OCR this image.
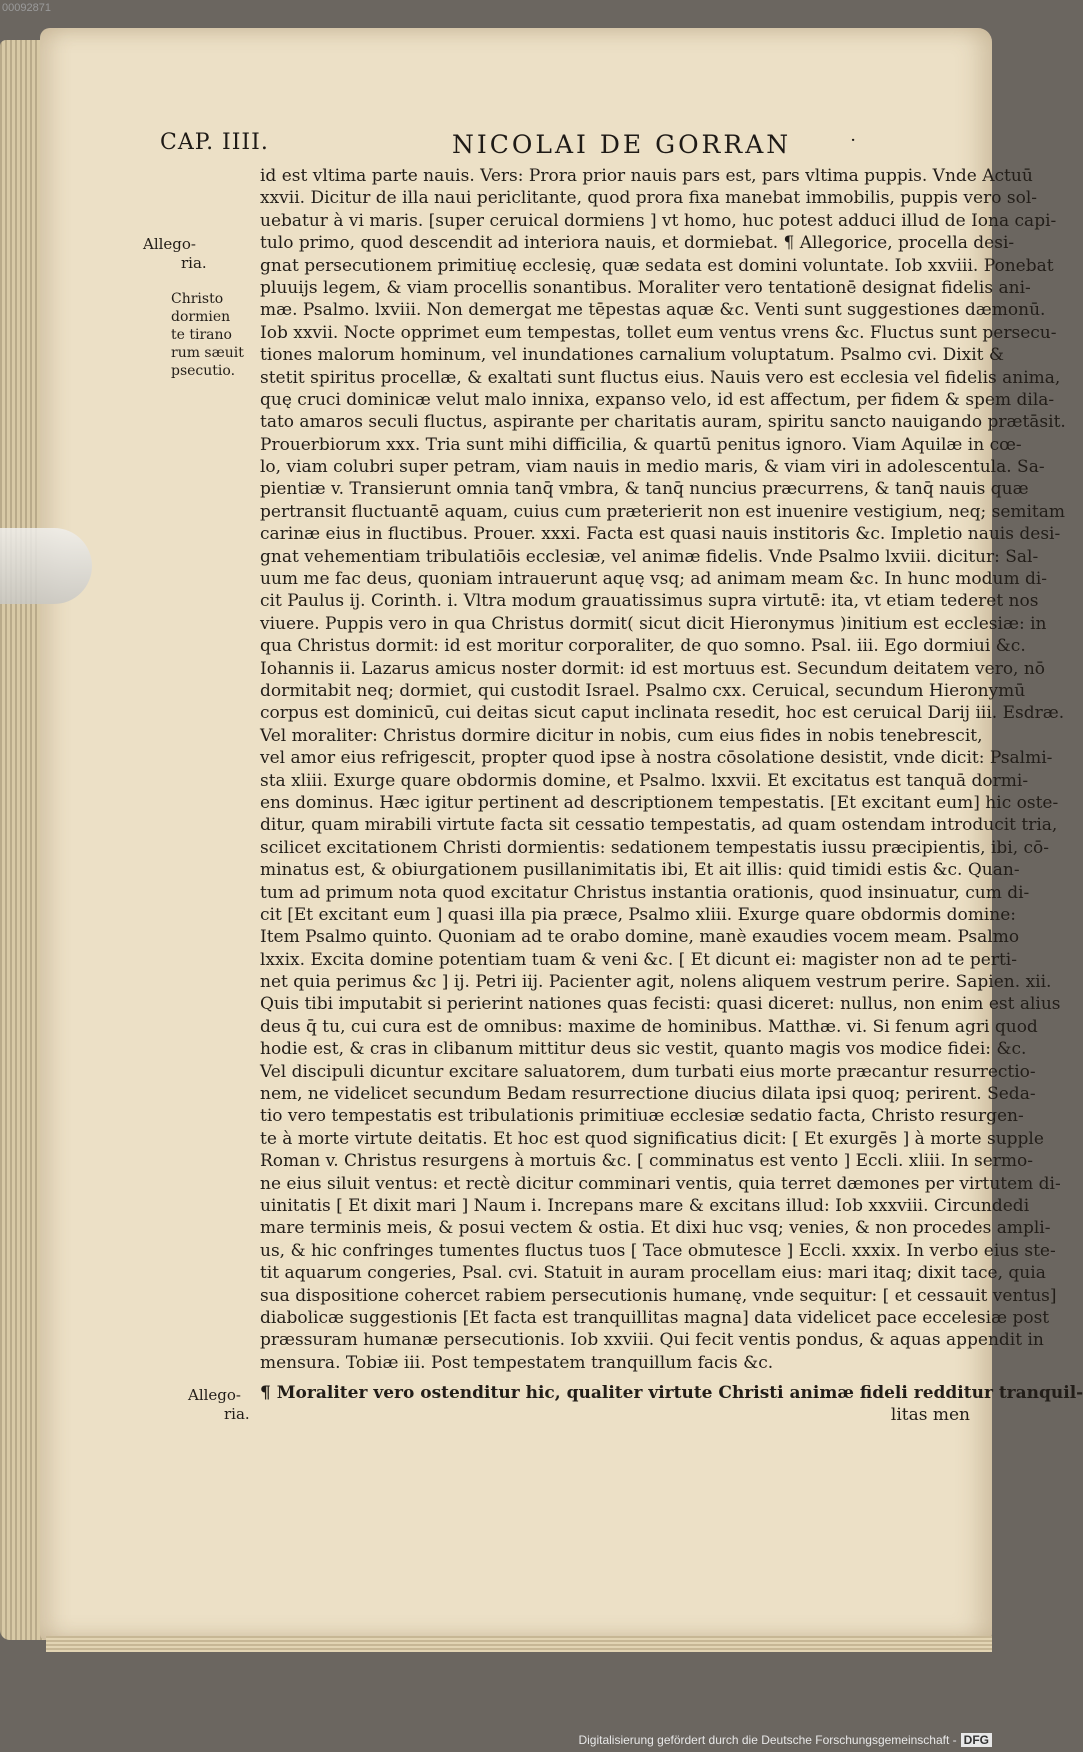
00092871
CAP. IIII.	NICOLAI DE GORRAN	·
Allego-
ria.
Christo
dormien
te tirano
rum sæuit
psecutio.
Allego-
ria.
id est vltima parte nauis. Vers: Prora prior nauis pars est, pars vltima puppis. Vnde Actuū
xxvii. Dicitur de illa naui periclitante, quod prora fixa manebat immobilis, puppis vero sol-
uebatur à vi maris. [super ceruical dormiens ] vt homo, huc potest adduci illud de Iona capi-
tulo primo, quod descendit ad interiora nauis, et dormiebat. ¶ Allegorice, procella desi-
gnat persecutionem primitiuę ecclesię, quæ sedata est domini voluntate. Iob xxviii. Ponebat
pluuijs legem, & viam procellis sonantibus. Moraliter vero tentationē designat fidelis ani-
mæ. Psalmo. lxviii. Non demergat me tēpestas aquæ &c. Venti sunt suggestiones dæmonū.
Iob xxvii. Nocte opprimet eum tempestas, tollet eum ventus vrens &c. Fluctus sunt persecu-
tiones malorum hominum, vel inundationes carnalium voluptatum. Psalmo cvi. Dixit &
stetit spiritus procellæ, & exaltati sunt fluctus eius. Nauis vero est ecclesia vel fidelis anima,
quę cruci dominicæ velut malo innixa, expanso velo, id est affectum, per fidem & spem dila-
tato amaros seculi fluctus, aspirante per charitatis auram, spiritu sancto nauigando prætāsit.
Prouerbiorum xxx. Tria sunt mihi difficilia, & quartū penitus ignoro. Viam Aquilæ in cœ-
lo, viam colubri super petram, viam nauis in medio maris, & viam viri in adolescentula. Sa-
pientiæ v. Transierunt omnia tanq̄ vmbra, & tanq̄ nuncius præcurrens, & tanq̄ nauis quæ
pertransit fluctuantē aquam, cuius cum præterierit non est inuenire vestigium, neq; semitam
carinæ eius in fluctibus. Prouer. xxxi. Facta est quasi nauis institoris &c. Impletio nauis desi-
gnat vehementiam tribulatiōis ecclesiæ, vel animæ fidelis. Vnde Psalmo lxviii. dicitur: Sal-
uum me fac deus, quoniam intrauerunt aquę vsq; ad animam meam &c. In hunc modum di-
cit Paulus ij. Corinth. i. Vltra modum grauatissimus supra virtutē: ita, vt etiam tederet nos
viuere. Puppis vero in qua Christus dormit( sicut dicit Hieronymus )initium est ecclesiæ: in
qua Christus dormit: id est moritur corporaliter, de quo somno. Psal. iii. Ego dormiui &c.
Iohannis ii. Lazarus amicus noster dormit: id est mortuus est. Secundum deitatem vero, nō
dormitabit neq; dormiet, qui custodit Israel. Psalmo cxx. Ceruical, secundum Hieronymū
corpus est dominicū, cui deitas sicut caput inclinata resedit, hoc est ceruical Darij iii. Esdræ.
Vel moraliter: Christus dormire dicitur in nobis, cum eius fides in nobis tenebrescit,
vel amor eius refrigescit, propter quod ipse à nostra cōsolatione desistit, vnde dicit: Psalmi-
sta xliii. Exurge quare obdormis domine, et Psalmo. lxxvii. Et excitatus est tanquā dormi-
ens dominus. Hæc igitur pertinent ad descriptionem tempestatis. [Et excitant eum] hic oste-
ditur, quam mirabili virtute facta sit cessatio tempestatis, ad quam ostendam introducit tria,
scilicet excitationem Christi dormientis: sedationem tempestatis iussu præcipientis, ibi, cō-
minatus est, & obiurgationem pusillanimitatis ibi, Et ait illis: quid timidi estis &c. Quan-
tum ad primum nota quod excitatur Christus instantia orationis, quod insinuatur, cum di-
cit [Et excitant eum ] quasi illa pia præce, Psalmo xliii. Exurge quare obdormis domine:
Item Psalmo quinto. Quoniam ad te orabo domine, manè exaudies vocem meam. Psalmo
lxxix. Excita domine potentiam tuam & veni &c. [ Et dicunt ei: magister non ad te perti-
net quia perimus &c ] ij. Petri iij. Pacienter agit, nolens aliquem vestrum perire. Sapien. xii.
Quis tibi imputabit si perierint nationes quas fecisti: quasi diceret: nullus, non enim est alius
deus q̄ tu, cui cura est de omnibus: maxime de hominibus. Matthæ. vi. Si fenum agri quod
hodie est, & cras in clibanum mittitur deus sic vestit, quanto magis vos modice fidei: &c.
Vel discipuli dicuntur excitare saluatorem, dum turbati eius morte præcantur resurrectio-
nem, ne videlicet secundum Bedam resurrectione diucius dilata ipsi quoq; perirent. Seda-
tio vero tempestatis est tribulationis primitiuæ ecclesiæ sedatio facta, Christo resurgen-
te à morte virtute deitatis. Et hoc est quod significatius dicit: [ Et exurgēs ] à morte supple
Roman v. Christus resurgens à mortuis &c. [ comminatus est vento ] Eccli. xliii. In sermo-
ne eius siluit ventus: et rectè dicitur comminari ventis, quia terret dæmones per virtutem di-
uinitatis [ Et dixit mari ] Naum i. Increpans mare & excitans illud: Iob xxxviii. Circundedi
mare terminis meis, & posui vectem & ostia. Et dixi huc vsq; venies, & non procedes ampli-
us, & hic confringes tumentes fluctus tuos [ Tace obmutesce ] Eccli. xxxix. In verbo eius ste-
tit aquarum congeries, Psal. cvi. Statuit in auram procellam eius: mari itaq; dixit tace, quia
sua dispositione cohercet rabiem persecutionis humanę, vnde sequitur: [ et cessauit ventus]
diabolicæ suggestionis [Et facta est tranquillitas magna] data videlicet pace eccelesiæ post
præssuram humanæ persecutionis. Iob xxviii. Qui fecit ventis pondus, & aquas appendit in
mensura. Tobiæ iii. Post tempestatem tranquillum facis &c.
¶ Moraliter vero ostenditur hic, qualiter virtute Christi animæ fideli redditur tranquil-
litas men
Digitalisierung gefördert durch die Deutsche Forschungsgemeinschaft - DFG
